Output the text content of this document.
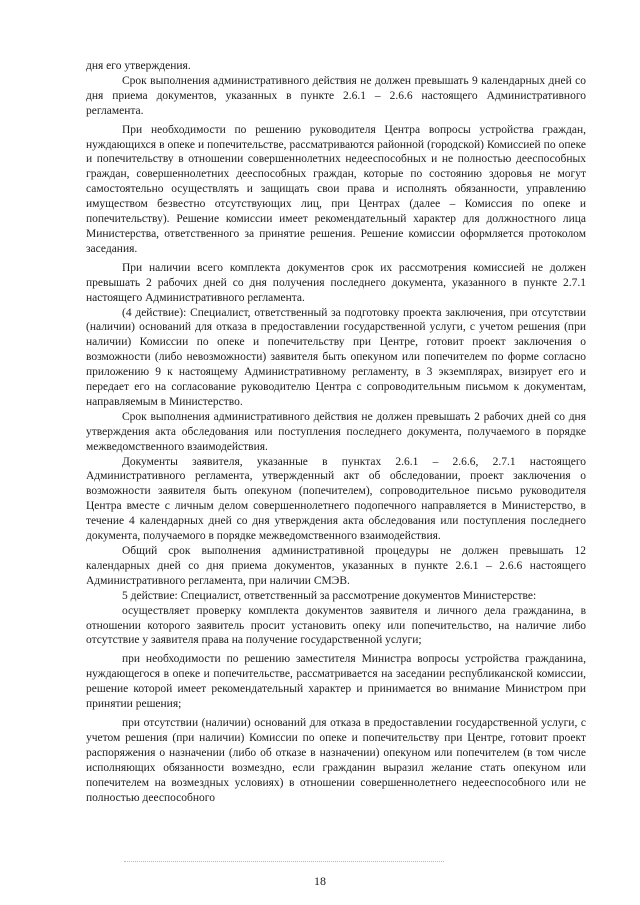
дня его утверждения.

Срок выполнения административного действия не должен превышать 9 календарных дней со дня приема документов, указанных в пункте 2.6.1 – 2.6.6 настоящего Административного регламента.

При необходимости по решению руководителя Центра вопросы устройства граждан, нуждающихся в опеке и попечительстве, рассматриваются районной (городской) Комиссией по опеке и попечительству в отношении совершеннолетних недееспособных и не полностью дееспособных граждан, совершеннолетних дееспособных граждан, которые по состоянию здоровья не могут самостоятельно осуществлять и защищать свои права и исполнять обязанности, управлению имуществом безвестно отсутствующих лиц, при Центрах (далее – Комиссия по опеке и попечительству). Решение комиссии имеет рекомендательный характер для должностного лица Министерства, ответственного за принятие решения. Решение комиссии оформляется протоколом заседания.

При наличии всего комплекта документов срок их рассмотрения комиссией не должен превышать 2 рабочих дней со дня получения последнего документа, указанного в пункте 2.7.1 настоящего Административного регламента.

(4 действие): Специалист, ответственный за подготовку проекта заключения, при отсутствии (наличии) оснований для отказа в предоставлении государственной услуги, с учетом решения (при наличии) Комиссии по опеке и попечительству при Центре, готовит проект заключения о возможности (либо невозможности) заявителя быть опекуном или попечителем по форме согласно приложению 9 к настоящему Административному регламенту, в 3 экземплярах, визирует его и передает его на согласование руководителю Центра с сопроводительным письмом к документам, направляемым в Министерство.

Срок выполнения административного действия не должен превышать 2 рабочих дней со дня утверждения акта обследования или поступления последнего документа, получаемого в порядке межведомственного взаимодействия.

Документы заявителя, указанные в пунктах 2.6.1 – 2.6.6, 2.7.1 настоящего Административного регламента, утвержденный акт об обследовании, проект заключения о возможности заявителя быть опекуном (попечителем), сопроводительное письмо руководителя Центра вместе с личным делом совершеннолетнего подопечного направляется в Министерство, в течение 4 календарных дней со дня утверждения акта обследования или поступления последнего документа, получаемого в порядке межведомственного взаимодействия.

Общий срок выполнения административной процедуры не должен превышать 12 календарных дней со дня приема документов, указанных в пункте 2.6.1 – 2.6.6 настоящего Административного регламента, при наличии СМЭВ.

5 действие: Специалист, ответственный за рассмотрение документов Министерстве:

осуществляет проверку комплекта документов заявителя и личного дела гражданина, в отношении которого заявитель просит установить опеку или попечительство, на наличие либо отсутствие у заявителя права на получение государственной услуги;

при необходимости по решению заместителя Министра вопросы устройства гражданина, нуждающегося в опеке и попечительстве, рассматривается на заседании республиканской комиссии, решение которой имеет рекомендательный характер и принимается во внимание Министром при принятии решения;

при отсутствии (наличии) оснований для отказа в предоставлении государственной услуги, с учетом решения (при наличии) Комиссии по опеке и попечительству при Центре, готовит проект распоряжения о назначении (либо об отказе в назначении) опекуном или попечителем (в том числе исполняющих обязанности возмездно, если гражданин выразил желание стать опекуном или попечителем на возмездных условиях) в отношении совершеннолетнего недееспособного или не полностью дееспособного

18
